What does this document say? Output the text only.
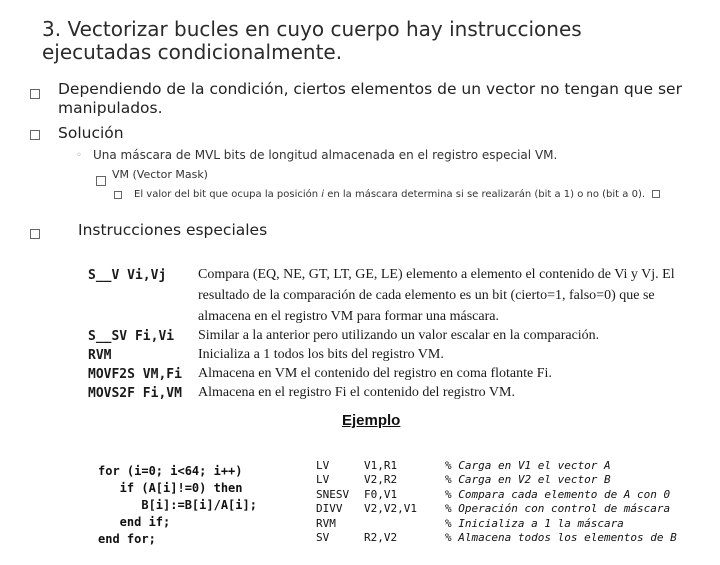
3. Vectorizar bucles en cuyo cuerpo hay instrucciones ejecutadas condicionalmente.
Dependiendo de la condición, ciertos elementos de un vector no tengan que ser manipulados.
Solución
◦ Una máscara de MVL bits de longitud almacenada en el registro especial VM.
VM (Vector Mask)
El valor del bit que ocupa la posición i en la máscara determina si se realizarán (bit a 1) o no (bit a 0).
Instrucciones especiales
S__V Vi,Vj Compara (EQ, NE, GT, LT, GE, LE) elemento a elemento el contenido de Vi y Vj. El
resultado de la comparación de cada elemento es un bit (cierto=1, falso=0) que se
almacena en el registro VM para formar una máscara.
S__SV Fi,Vi Similar a la anterior pero utilizando un valor escalar en la comparación.
RVM	Inicializa a 1 todos los bits del registro VM.
MOVF2S VM,Fi Almacena en VM el contenido del registro en coma flotante Fi.
MOVS2F Fi,VM Almacena en el registro Fi el contenido del registro VM.
Ejemplo

for (i=0; i<64; i++)
if (A[i]!=0) then
B[i]:=B[i]/A[i];
end if;
end for;

LV
LV
SNESV
DIVV
RVM
SV

V1,R1
V2,R2
F0,V1
V2,V2,V1
R2,V2

% Carga en V1 el vector A
% Carga en V2 el vector B
% Compara cada elemento de A con 0
% Operación con control de máscara
% Inicializa a 1 la máscara
% Almacena todos los elementos de B
